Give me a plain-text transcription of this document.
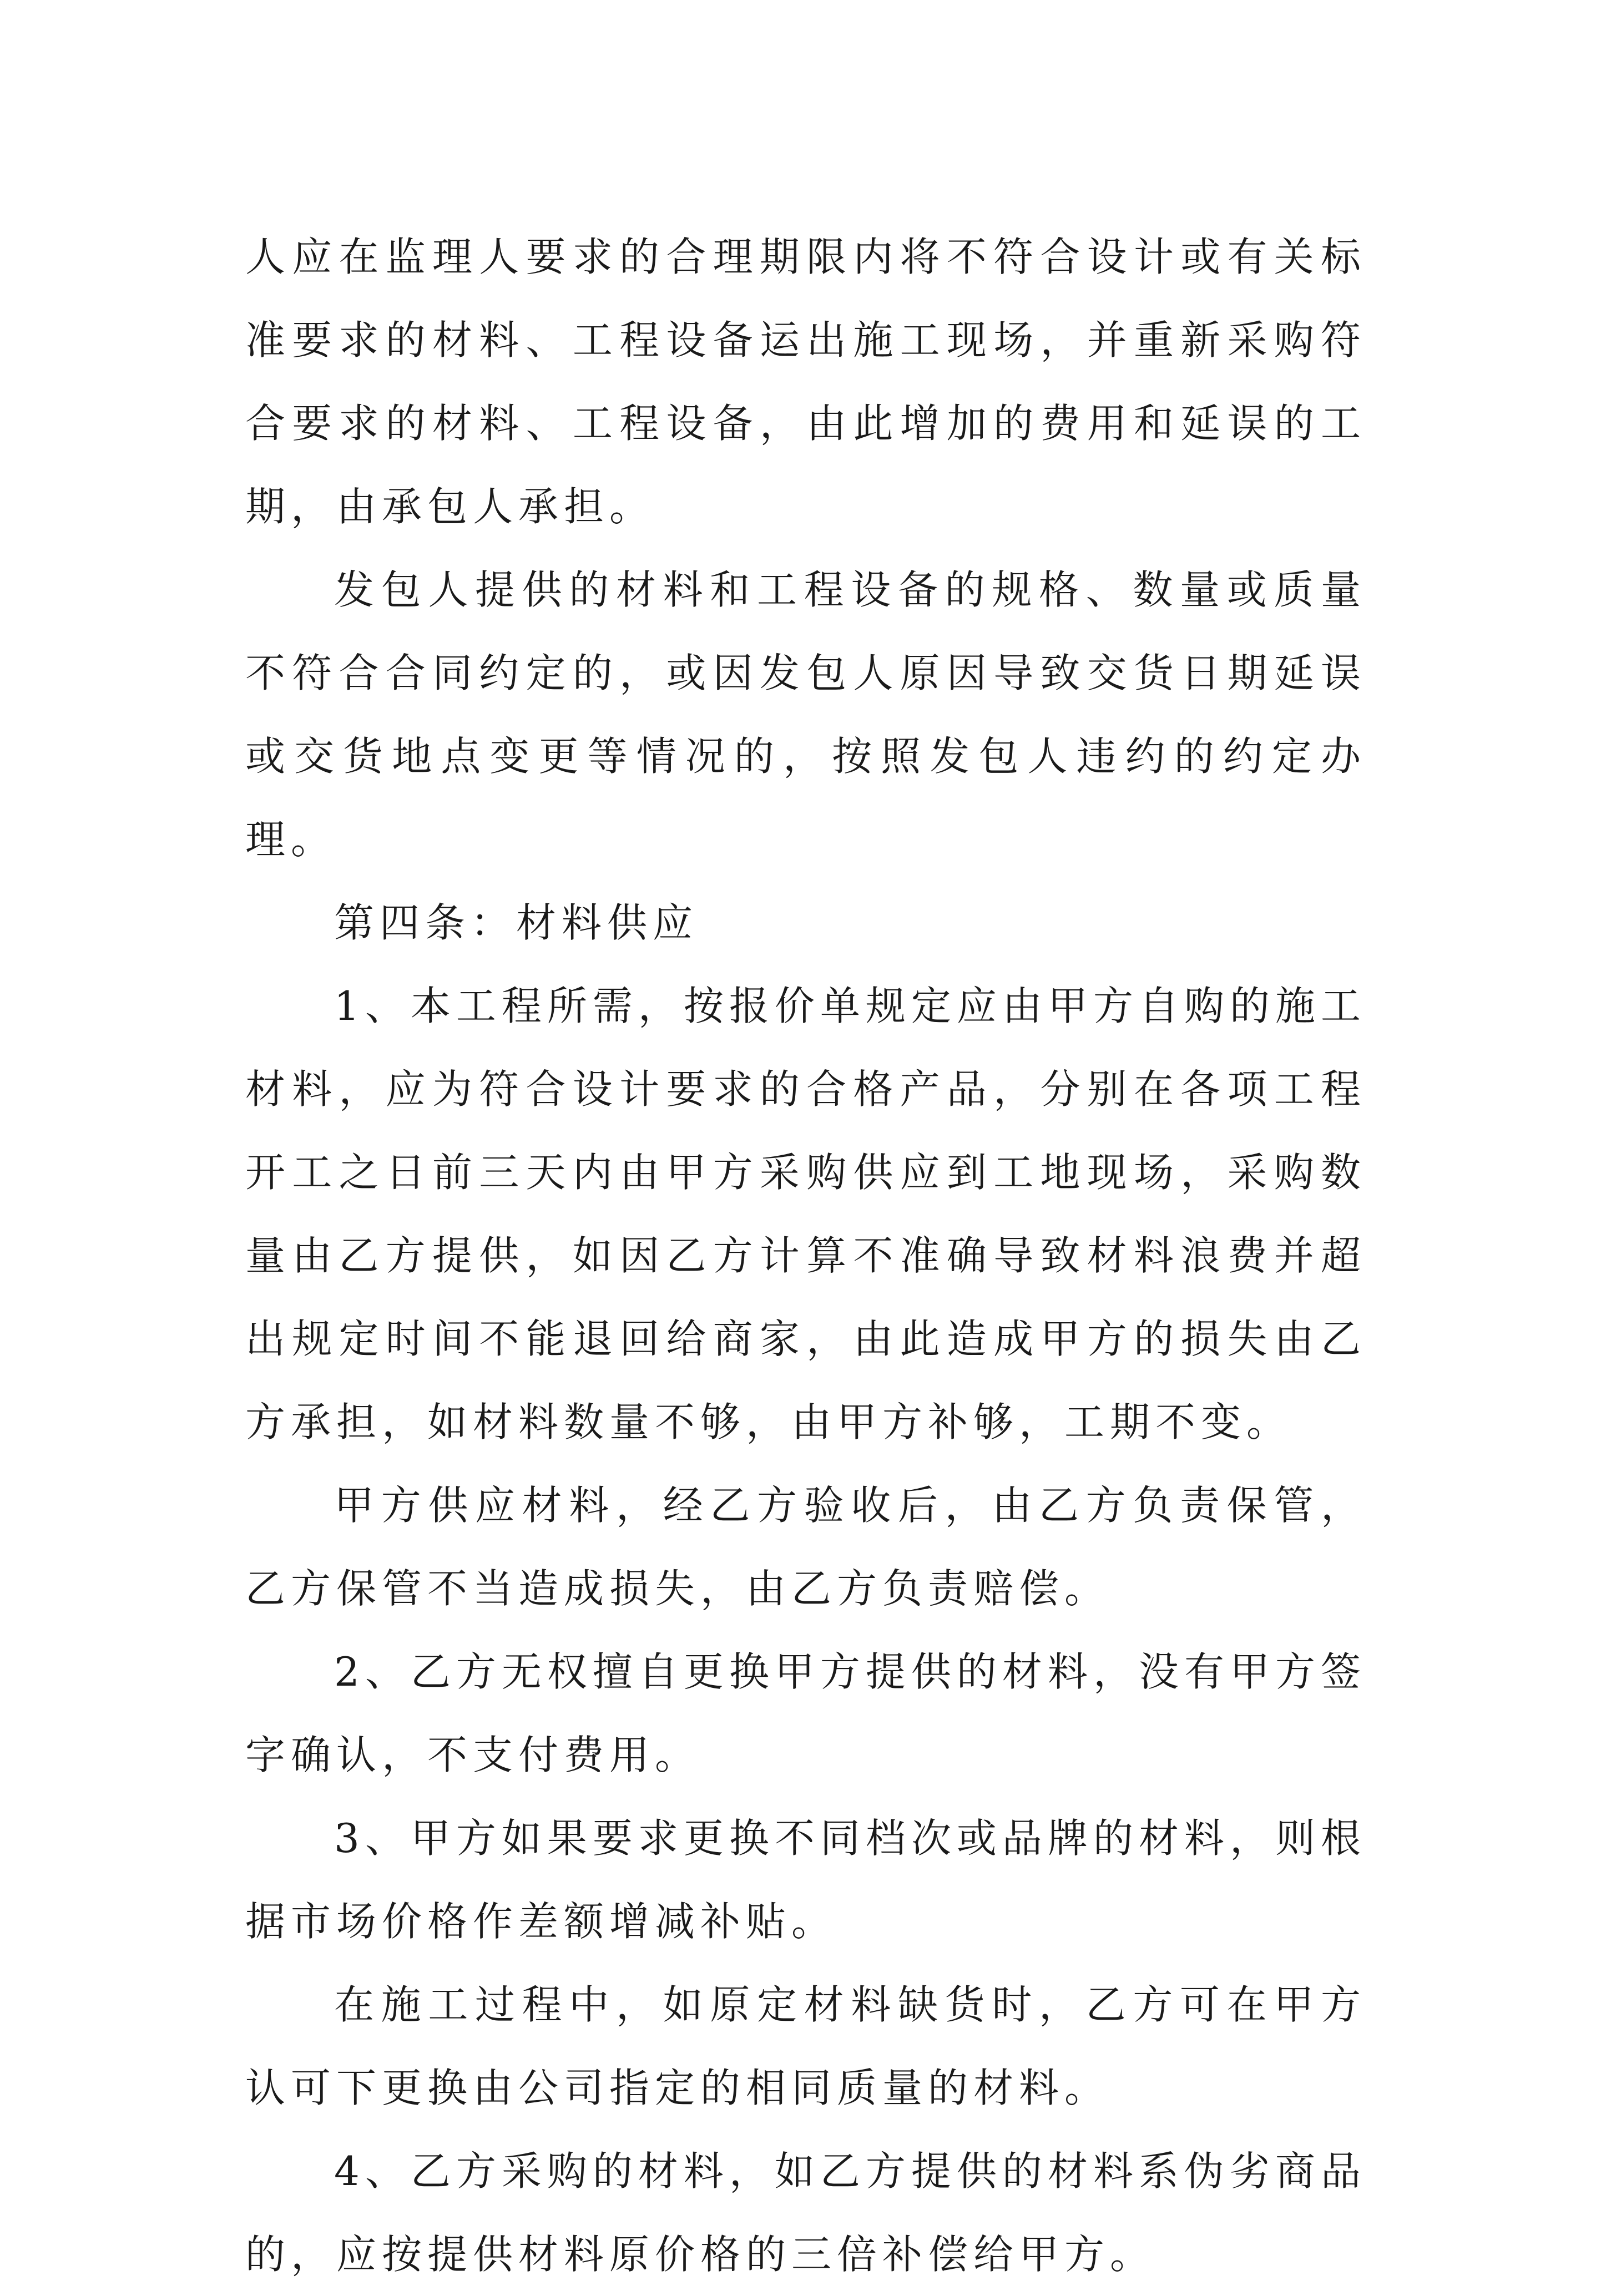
人应在监理人要求的合理期限内将不符合设计或有关标准要求的材料、工程设备运出施工现场，并重新采购符合要求的材料、工程设备，由此增加的费用和延误的工期，由承包人承担。

发包人提供的材料和工程设备的规格、数量或质量不符合合同约定的，或因发包人原因导致交货日期延误或交货地点变更等情况的，按照发包人违约的约定办理。

第四条：材料供应

1、本工程所需，按报价单规定应由甲方自购的施工材料，应为符合设计要求的合格产品，分别在各项工程开工之日前三天内由甲方采购供应到工地现场，采购数量由乙方提供，如因乙方计算不准确导致材料浪费并超出规定时间不能退回给商家，由此造成甲方的损失由乙方承担，如材料数量不够，由甲方补够，工期不变。

甲方供应材料，经乙方验收后，由乙方负责保管，乙方保管不当造成损失，由乙方负责赔偿。

2、乙方无权擅自更换甲方提供的材料，没有甲方签字确认，不支付费用。

3、甲方如果要求更换不同档次或品牌的材料，则根据市场价格作差额增减补贴。

在施工过程中，如原定材料缺货时，乙方可在甲方认可下更换由公司指定的相同质量的材料。

4、乙方采购的材料，如乙方提供的材料系伪劣商品的，应按提供材料原价格的三倍补偿给甲方。
